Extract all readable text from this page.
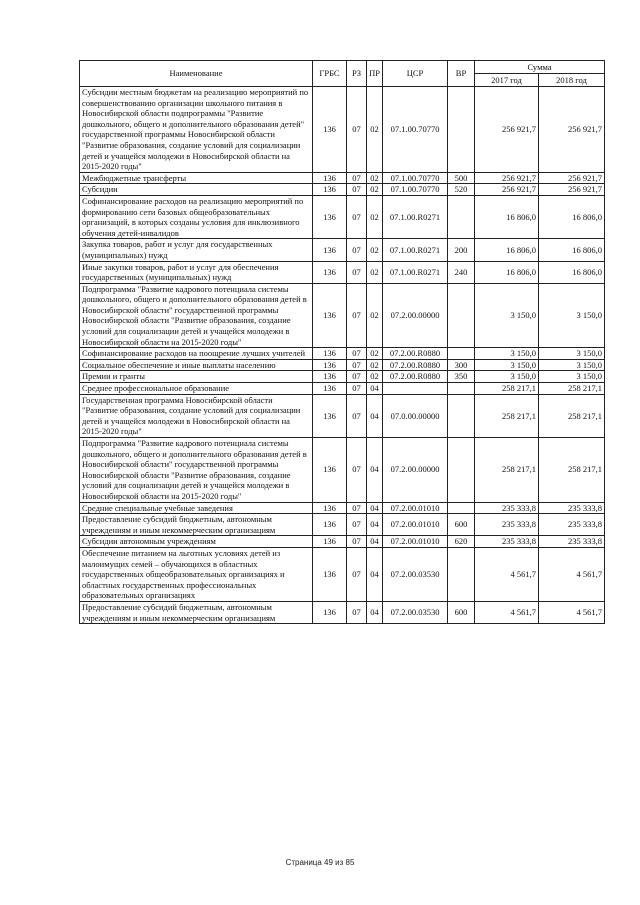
Наименование	ГРБС	РЗ	ПР	ЦСР	ВР	Сумма	
						2017 год	2018 год
Субсидии местным бюджетам на реализацию мероприятий по совершенствованию организации школьного питания в Новосибирской области подпрограммы "Развитие дошкольного, общего и дополнительного образования детей" государственной программы Новосибирской области "Развитие образования, создание условий для социализации детей и учащейся молодежи в Новосибирской области на 2015-2020 годы"	136	07	02	07.1.00.70770		256 921,7	256 921,7
Межбюджетные трансферты	136	07	02	07.1.00.70770	500	256 921,7	256 921,7
Субсидии	136	07	02	07.1.00.70770	520	256 921,7	256 921,7
Софинансирование расходов на реализацию мероприятий по формированию сети базовых общеобразовательных организаций, в которых созданы условия для инклюзивного обучения детей-инвалидов	136	07	02	07.1.00.R0271		16 806,0	16 806,0
Закупка товаров, работ и услуг для государственных (муниципальных) нужд	136	07	02	07.1.00.R0271	200	16 806,0	16 806,0
Иные закупки товаров, работ и услуг для обеспечения государственных (муниципальных) нужд	136	07	02	07.1.00.R0271	240	16 806,0	16 806,0
Подпрограмма "Развитие кадрового потенциала системы дошкольного, общего и дополнительного образования детей в Новосибирской области" государственной программы Новосибирской области "Развитие образования, создание условий для социализации детей и учащейся молодежи в Новосибирской области на 2015-2020 годы"	136	07	02	07.2.00.00000		3 150,0	3 150,0
Софинансирование расходов на поощрение лучших учителей	136	07	02	07.2.00.R0880		3 150,0	3 150,0
Социальное обеспечение и иные выплаты населению	136	07	02	07.2.00.R0880	300	3 150,0	3 150,0
Премии и гранты	136	07	02	07.2.00.R0880	350	3 150,0	3 150,0
Среднее профессиональное образование	136	07	04			258 217,1	258 217,1
Государственная программа Новосибирской области "Развитие образования, создание условий для социализации детей и учащейся молодежи в Новосибирской области на 2015-2020 годы"	136	07	04	07.0.00.00000		258 217,1	258 217,1
Подпрограмма "Развитие кадрового потенциала системы дошкольного, общего и дополнительного образования детей в Новосибирской области" государственной программы Новосибирской области "Развитие образования, создание условий для социализации детей и учащейся молодежи в Новосибирской области на 2015-2020 годы"	136	07	04	07.2.00.00000		258 217,1	258 217,1
Средние специальные учебные заведения	136	07	04	07.2.00.01010		235 333,8	235 333,8
Предоставление субсидий бюджетным, автономным учреждениям и иным некоммерческим организациям	136	07	04	07.2.00.01010	600	235 333,8	235 333,8
Субсидии автономным учреждениям	136	07	04	07.2.00.01010	620	235 333,8	235 333,8
Обеспечение питанием на льготных условиях детей из малоимущих семей – обучающихся в областных государственных общеобразовательных организациях и областных государственных профессиональных образовательных организациях	136	07	04	07.2.00.03530		4 561,7	4 561,7
Предоставление субсидий бюджетным, автономным учреждениям и иным некоммерческим организациям	136	07	04	07.2.00.03530	600	4 561,7	4 561,7
Страница 49 из 85
